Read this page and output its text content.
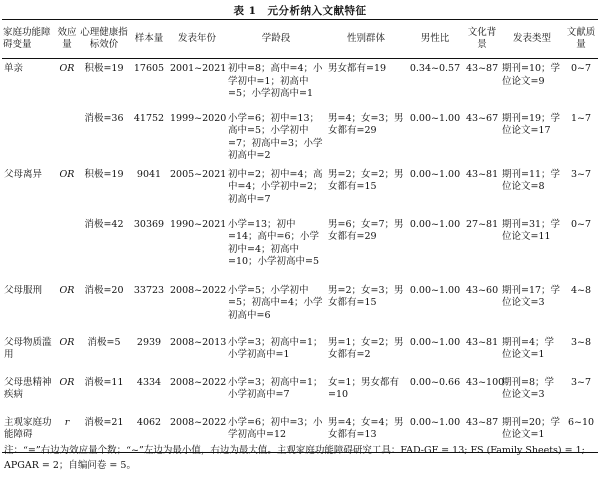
表 1　元分析纳入文献特征
家庭功能障碍变量	效应量	心理健康指标效价	样本量	发表年份	学龄段	性别群体	男性比	文化背景	发表类型	文献质量
单亲	OR	积极=19	17605	2001~2021	初中=8；高中=4；小学初中=1；初高中=5；小学初高中=1	男女都有=19	0.34~0.57	43~87	期刊=10；学位论文=9	0~7
		消极=36	41752	1999~2020	小学=6；初中=13；高中=5；小学初中=7；初高中=3；小学初高中=2	男=4；女=3；男女都有=29	0.00~1.00	43~67	期刊=19；学位论文=17	1~7
父母离异	OR	积极=19	9041	2005~2021	初中=2；初中=4；高中=4；小学初中=2；初高中=7	男=2；女=2；男女都有=15	0.00~1.00	43~81	期刊=11；学位论文=8	3~7
		消极=42	30369	1990~2021	小学=13；初中=14；高中=6；小学初中=4；初高中=10；小学初高中=5	男=6；女=7；男女都有=29	0.00~1.00	27~81	期刊=31；学位论文=11	0~7
父母服刑	OR	消极=20	33723	2008~2022	小学=5；小学初中=5；初高中=4；小学初高中=6	男=2；女=3；男女都有=15	0.00~1.00	43~60	期刊=17；学位论文=3	4~8
父母物质滥用	OR	消极=5	2939	2008~2013	小学=3；初高中=1；小学初高中=1	男=1；女=2；男女都有=2	0.00~1.00	43~81	期刊=4；学位论文=1	3~8
父母患精神疾病	OR	消极=11	4334	2008~2022	小学=3；初高中=1；小学初高中=7	女=1；男女都有=10	0.00~0.66	43~100	期刊=8；学位论文=3	3~7
主观家庭功能障碍	r	消极=21	4062	2008~2022	小学=6；初中=3；小学初高中=12	男=4；女=4；男女都有=13	0.00~1.00	43~87	期刊=20；学位论文=1	6~10
注：“=”右边为效应量个数；“~”左边为最小值，右边为最大值。主观家庭功能障碍研究工具：FAD-GF = 13; FS (Family Sheets) = 1; APGAR = 2；自编问卷 = 5。
